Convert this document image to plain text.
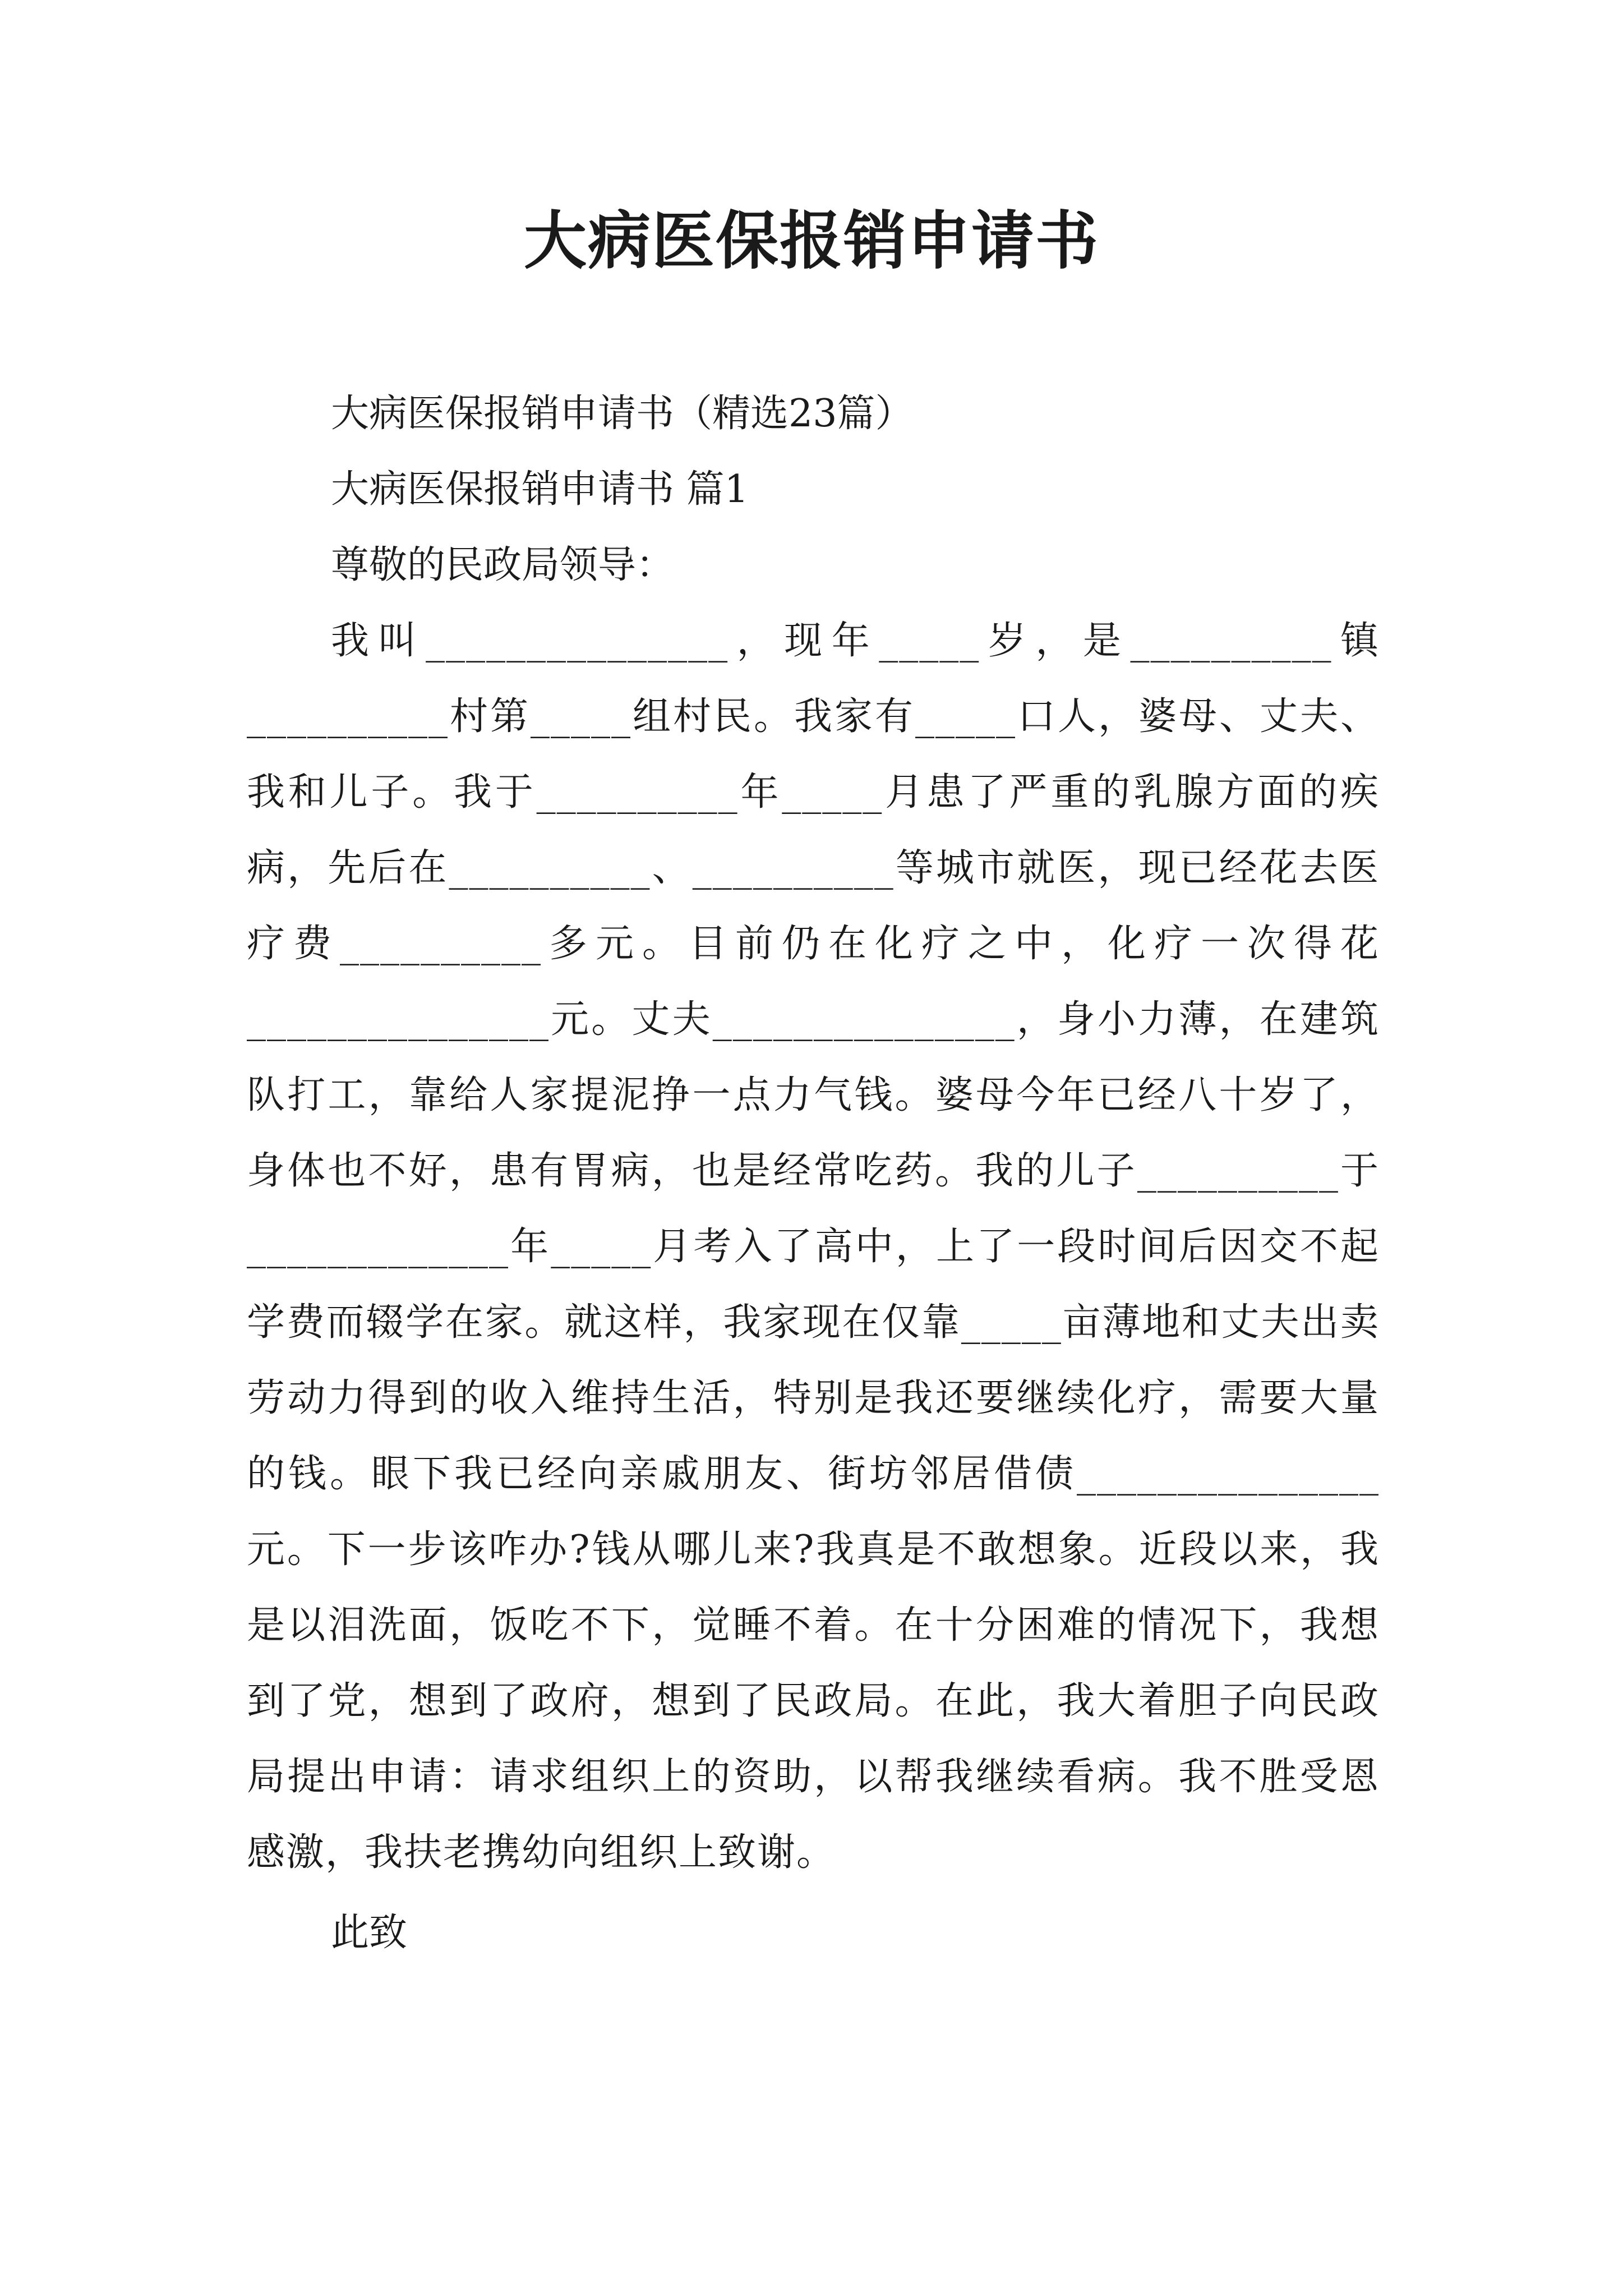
大病医保报销申请书

大病医保报销申请书（精选23篇）

大病医保报销申请书 篇1

尊敬的民政局领导：

我叫_______________，现年_____岁，是__________镇__________村第_____组村民。我家有_____口人，婆母、丈夫、我和儿子。我于__________年_____月患了严重的乳腺方面的疾病，先后在__________、__________等城市就医，现已经花去医疗费__________多元。目前仍在化疗之中，化疗一次得花_______________元。丈夫_______________，身小力薄，在建筑队打工，靠给人家提泥挣一点力气钱。婆母今年已经八十岁了，身体也不好，患有胃病，也是经常吃药。我的儿子__________于_____________年_____月考入了高中，上了一段时间后因交不起学费而辍学在家。就这样，我家现在仅靠_____亩薄地和丈夫出卖劳动力得到的收入维持生活，特别是我还要继续化疗，需要大量的钱。眼下我已经向亲戚朋友、街坊邻居借债_______________元。下一步该咋办?钱从哪儿来?我真是不敢想象。近段以来，我是以泪洗面，饭吃不下，觉睡不着。在十分困难的情况下，我想到了党，想到了政府，想到了民政局。在此，我大着胆子向民政局提出申请：请求组织上的资助，以帮我继续看病。我不胜受恩感激，我扶老携幼向组织上致谢。

此致
